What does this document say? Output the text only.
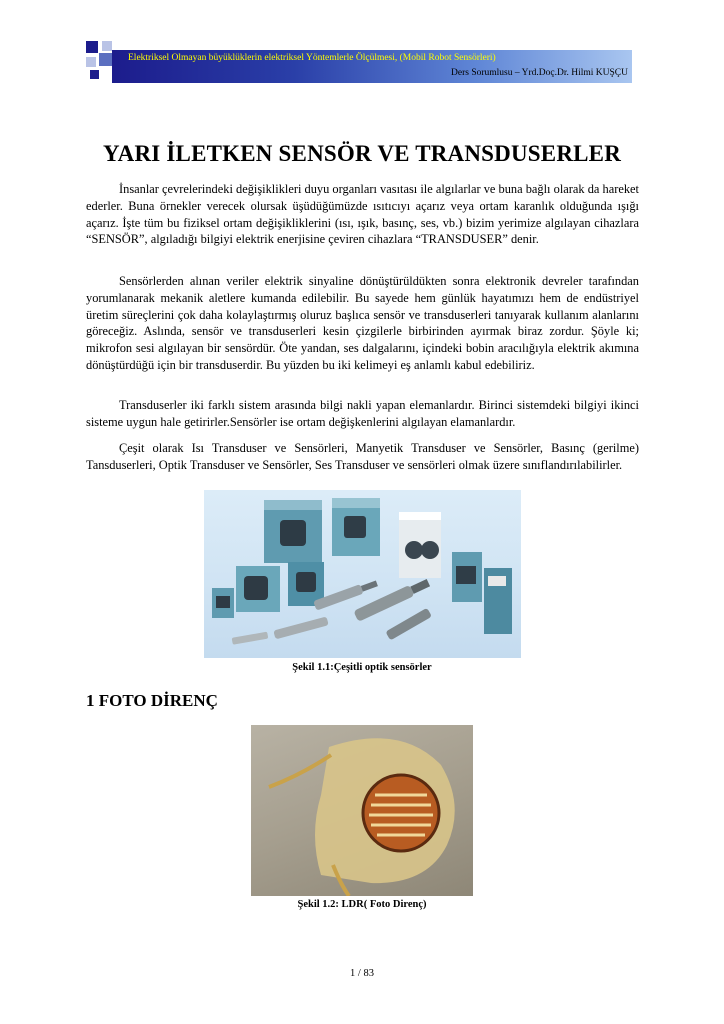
Elektriksel Olmayan büyüklüklerin elektriksel Yöntemlerle Ölçülmesi, (Mobil Robot Sensörleri)
Ders Sorumlusu – Yrd.Doç.Dr. Hilmi KUŞÇU
YARI İLETKEN SENSÖR VE TRANSDUSERLER

İnsanlar çevrelerindeki değişiklikleri duyu organları vasıtası ile algılarlar ve buna bağlı olarak da hareket ederler. Buna örnekler verecek olursak üşüdüğümüzde ısıtıcıyı açarız veya ortam karanlık olduğunda ışığı açarız. İşte tüm bu fiziksel ortam değişikliklerini (ısı, ışık, basınç, ses, vb.) bizim yerimize algılayan cihazlara “SENSÖR”, algıladığı bilgiyi elektrik enerjisine çeviren cihazlara “TRANSDUSER” denir.

Sensörlerden alınan veriler elektrik sinyaline dönüştürüldükten sonra elektronik devreler tarafından yorumlanarak mekanik aletlere kumanda edilebilir. Bu sayede hem günlük hayatımızı hem de endüstriyel üretim süreçlerini çok daha kolaylaştırmış oluruz başlıca sensör ve transduserleri tanıyarak kullanım alanlarını göreceğiz. Aslında, sensör ve transduserleri kesin çizgilerle birbirinden ayırmak biraz zordur. Şöyle ki; mikrofon sesi algılayan bir sensördür. Öte yandan, ses dalgalarını, içindeki bobin aracılığıyla elektrik akımına dönüştürdüğü için bir transduserdir. Bu yüzden bu iki kelimeyi eş anlamlı kabul edebiliriz.

Transduserler iki farklı sistem arasında bilgi nakli yapan elemanlardır. Birinci sistemdeki bilgiyi ikinci sisteme uygun hale getirirler.Sensörler ise ortam değişkenlerini algılayan elamanlardır.

Çeşit olarak Isı Transduser ve Sensörleri, Manyetik Transduser ve Sensörler, Basınç (gerilme) Tansduserleri, Optik Transduser ve Sensörler, Ses Transduser ve sensörleri olmak üzere sınıflandırılabilirler.

Şekil 1.1:Çeşitli optik sensörler
1 FOTO DİRENÇ
Şekil 1.2: LDR( Foto Direnç)
1 / 83
